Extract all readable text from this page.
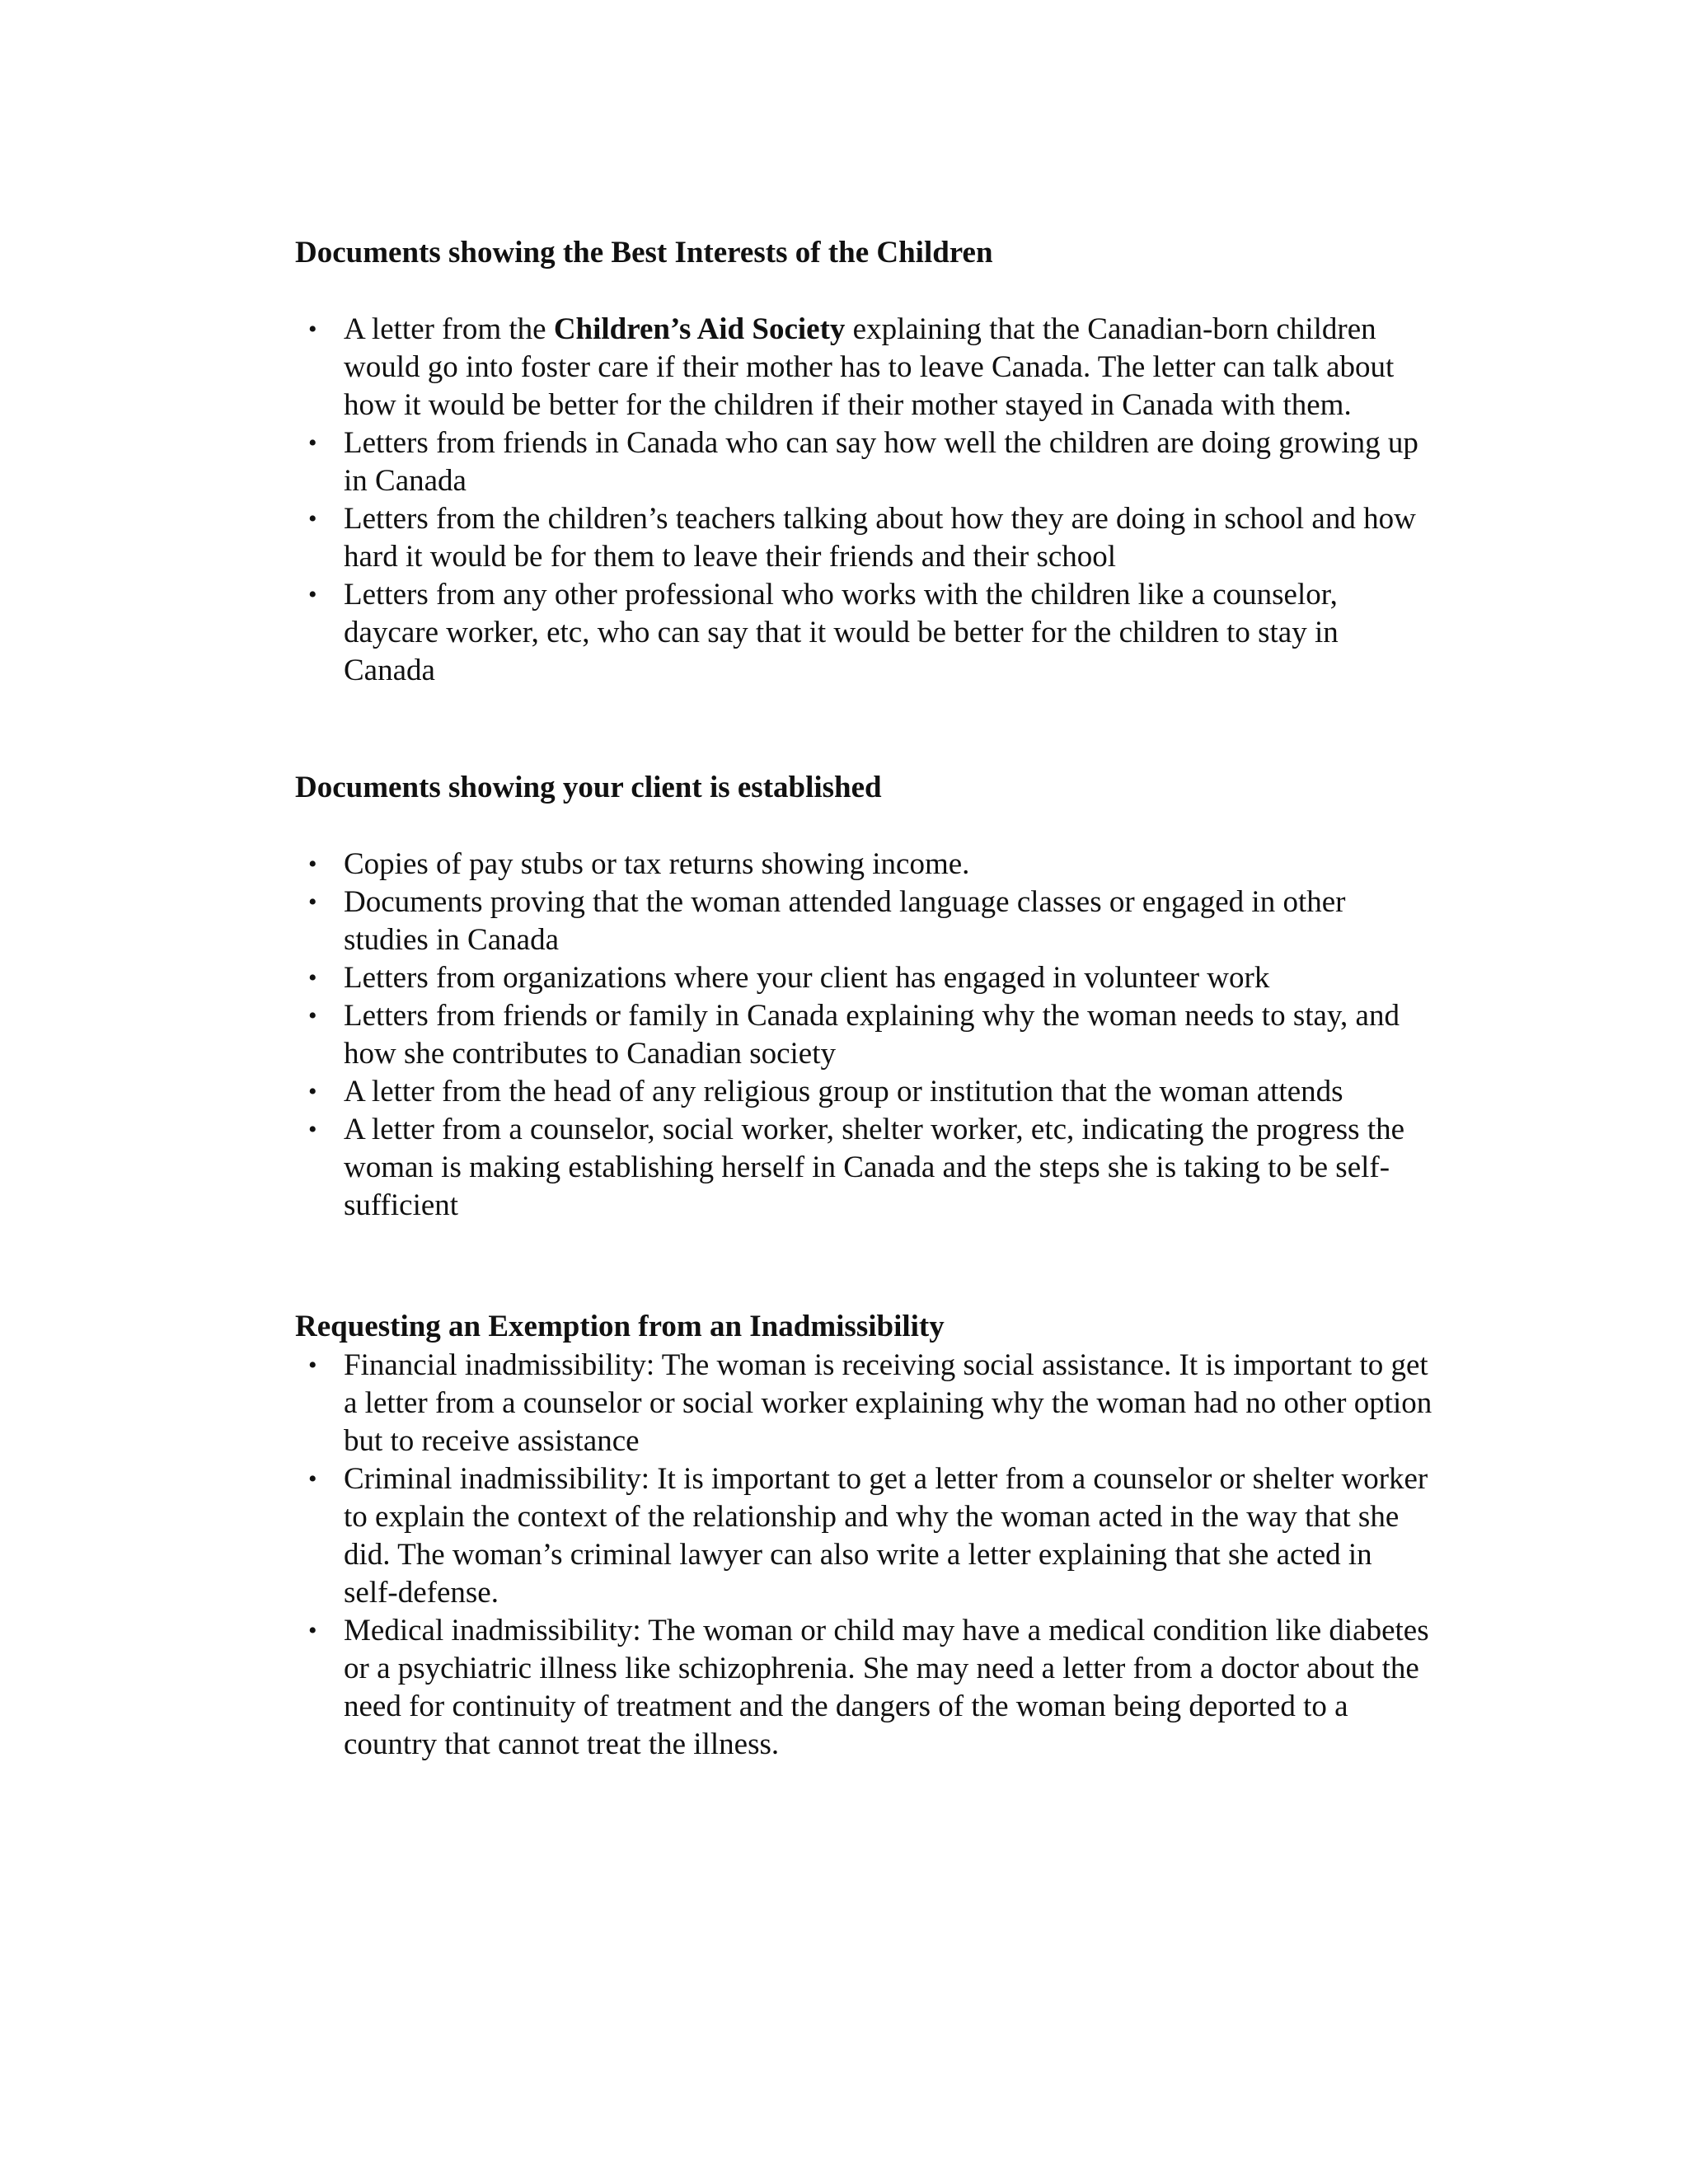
Documents showing the Best Interests of the Children
• A letter from the Children’s Aid Society explaining that the Canadian-born children would go into foster care if their mother has to leave Canada. The letter can talk about how it would be better for the children if their mother stayed in Canada with them.
• Letters from friends in Canada who can say how well the children are doing growing up in Canada
• Letters from the children’s teachers talking about how they are doing in school and how hard it would be for them to leave their friends and their school
• Letters from any other professional who works with the children like a counselor, daycare worker, etc, who can say that it would be better for the children to stay in Canada
Documents showing your client is established
• Copies of pay stubs or tax returns showing income.
• Documents proving that the woman attended language classes or engaged in other studies in Canada
• Letters from organizations where your client has engaged in volunteer work
• Letters from friends or family in Canada explaining why the woman needs to stay, and how she contributes to Canadian society
• A letter from the head of any religious group or institution that the woman attends
• A letter from a counselor, social worker, shelter worker, etc, indicating the progress the woman is making establishing herself in Canada and the steps she is taking to be self-sufficient
Requesting an Exemption from an Inadmissibility
• Financial inadmissibility: The woman is receiving social assistance. It is important to get a letter from a counselor or social worker explaining why the woman had no other option but to receive assistance
• Criminal inadmissibility: It is important to get a letter from a counselor or shelter worker to explain the context of the relationship and why the woman acted in the way that she did. The woman’s criminal lawyer can also write a letter explaining that she acted in self-defense.
• Medical inadmissibility: The woman or child may have a medical condition like diabetes or a psychiatric illness like schizophrenia. She may need a letter from a doctor about the need for continuity of treatment and the dangers of the woman being deported to a country that cannot treat the illness.
